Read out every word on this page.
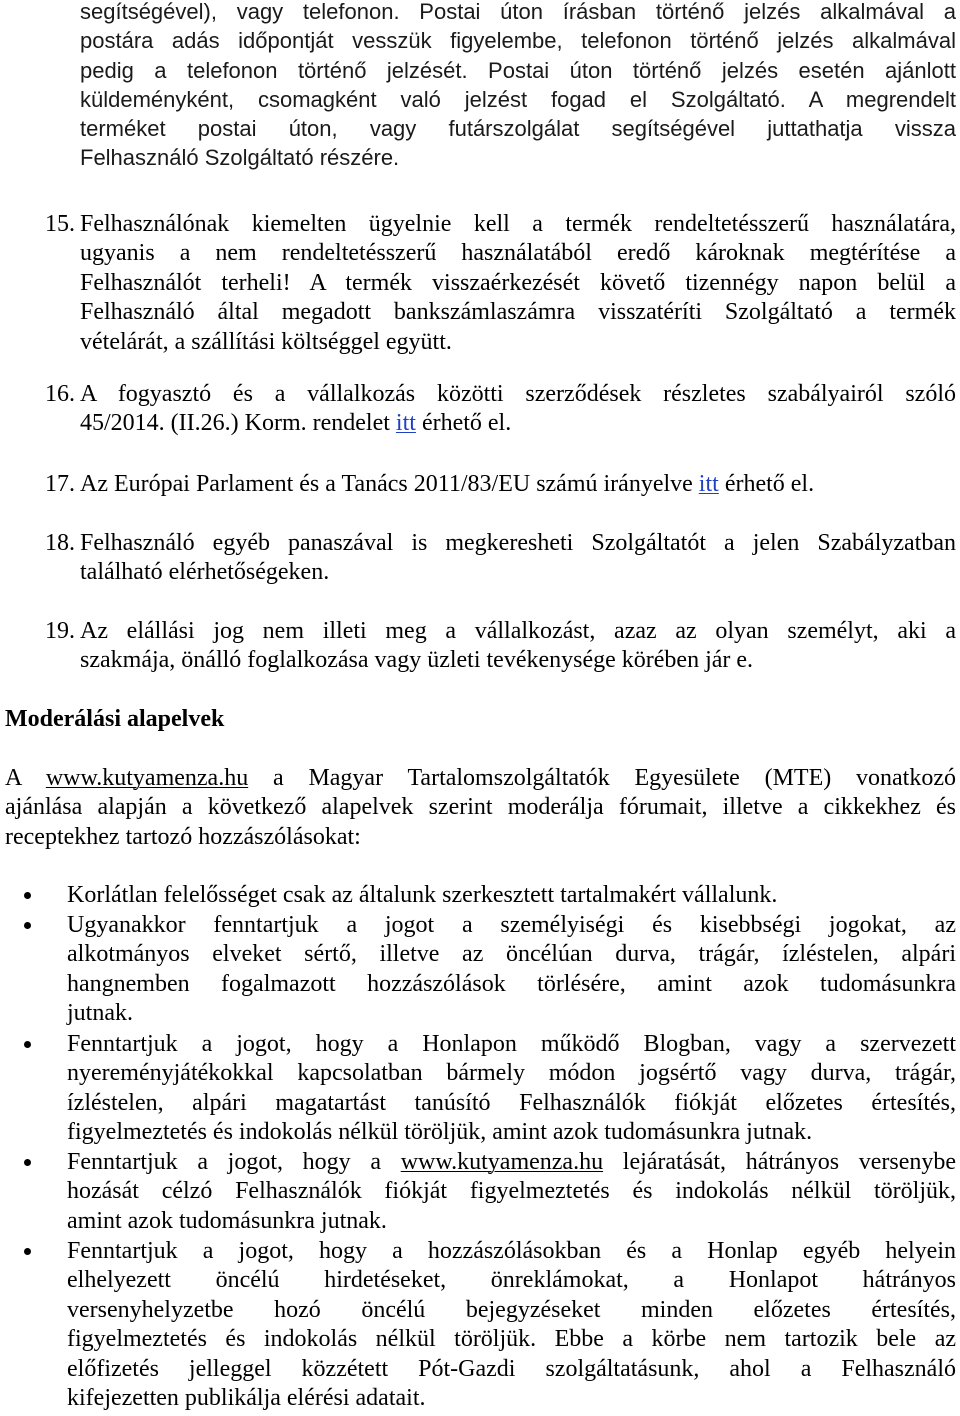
segítségével), vagy telefonon. Postai úton írásban történő jelzés alkalmával a
postára adás időpontját vesszük figyelembe, telefonon történő jelzés alkalmával
pedig a telefonon történő jelzését. Postai úton történő jelzés esetén ajánlott
küldeményként, csomagként való jelzést fogad el Szolgáltató. A megrendelt
terméket postai úton, vagy futárszolgálat segítségével juttathatja vissza
Felhasználó Szolgáltató részére.
15. Felhasználónak kiemelten ügyelnie kell a termék rendeltetésszerű használatára,
ugyanis a nem rendeltetésszerű használatából eredő károknak megtérítése a
Felhasználót terheli! A termék visszaérkezését követő tizennégy napon belül a
Felhasználó által megadott bankszámlaszámra visszatéríti Szolgáltató a termék
vételárát, a szállítási költséggel együtt.
16. A fogyasztó és a vállalkozás közötti szerződések részletes szabályairól szóló
45/2014. (II.26.) Korm. rendelet itt érhető el.
17. Az Európai Parlament és a Tanács 2011/83/EU számú irányelve itt érhető el.
18. Felhasználó egyéb panaszával is megkeresheti Szolgáltatót a jelen Szabályzatban
található elérhetőségeken.
19. Az elállási jog nem illeti meg a vállalkozást, azaz az olyan személyt, aki a
szakmája, önálló foglalkozása vagy üzleti tevékenysége körében jár e.
Moderálási alapelvek
A www.kutyamenza.hu a Magyar Tartalomszolgáltatók Egyesülete (MTE) vonatkozó
ajánlása alapján a következő alapelvek szerint moderálja fórumait, illetve a cikkekhez és
receptekhez tartozó hozzászólásokat:
Korlátlan felelősséget csak az általunk szerkesztett tartalmakért vállalunk.
Ugyanakkor fenntartjuk a jogot a személyiségi és kisebbségi jogokat, az
alkotmányos elveket sértő, illetve az öncélúan durva, trágár, ízléstelen, alpári
hangnemben fogalmazott hozzászólások törlésére, amint azok tudomásunkra
jutnak.
Fenntartjuk a jogot, hogy a Honlapon működő Blogban, vagy a szervezett
nyereményjátékokkal kapcsolatban bármely módon jogsértő vagy durva, trágár,
ízléstelen, alpári magatartást tanúsító Felhasználók fiókját előzetes értesítés,
figyelmeztetés és indokolás nélkül töröljük, amint azok tudomásunkra jutnak.
Fenntartjuk a jogot, hogy a www.kutyamenza.hu lejáratását, hátrányos versenybe
hozását célzó Felhasználók fiókját figyelmeztetés és indokolás nélkül töröljük,
amint azok tudomásunkra jutnak.
Fenntartjuk a jogot, hogy a hozzászólásokban és a Honlap egyéb helyein
elhelyezett öncélú hirdetéseket, önreklámokat, a Honlapot hátrányos
versenyhelyzetbe hozó öncélú bejegyzéseket minden előzetes értesítés,
figyelmeztetés és indokolás nélkül töröljük. Ebbe a körbe nem tartozik bele az
előfizetés jelleggel közzétett Pót-Gazdi szolgáltatásunk, ahol a Felhasználó
kifejezetten publikálja elérési adatait.
